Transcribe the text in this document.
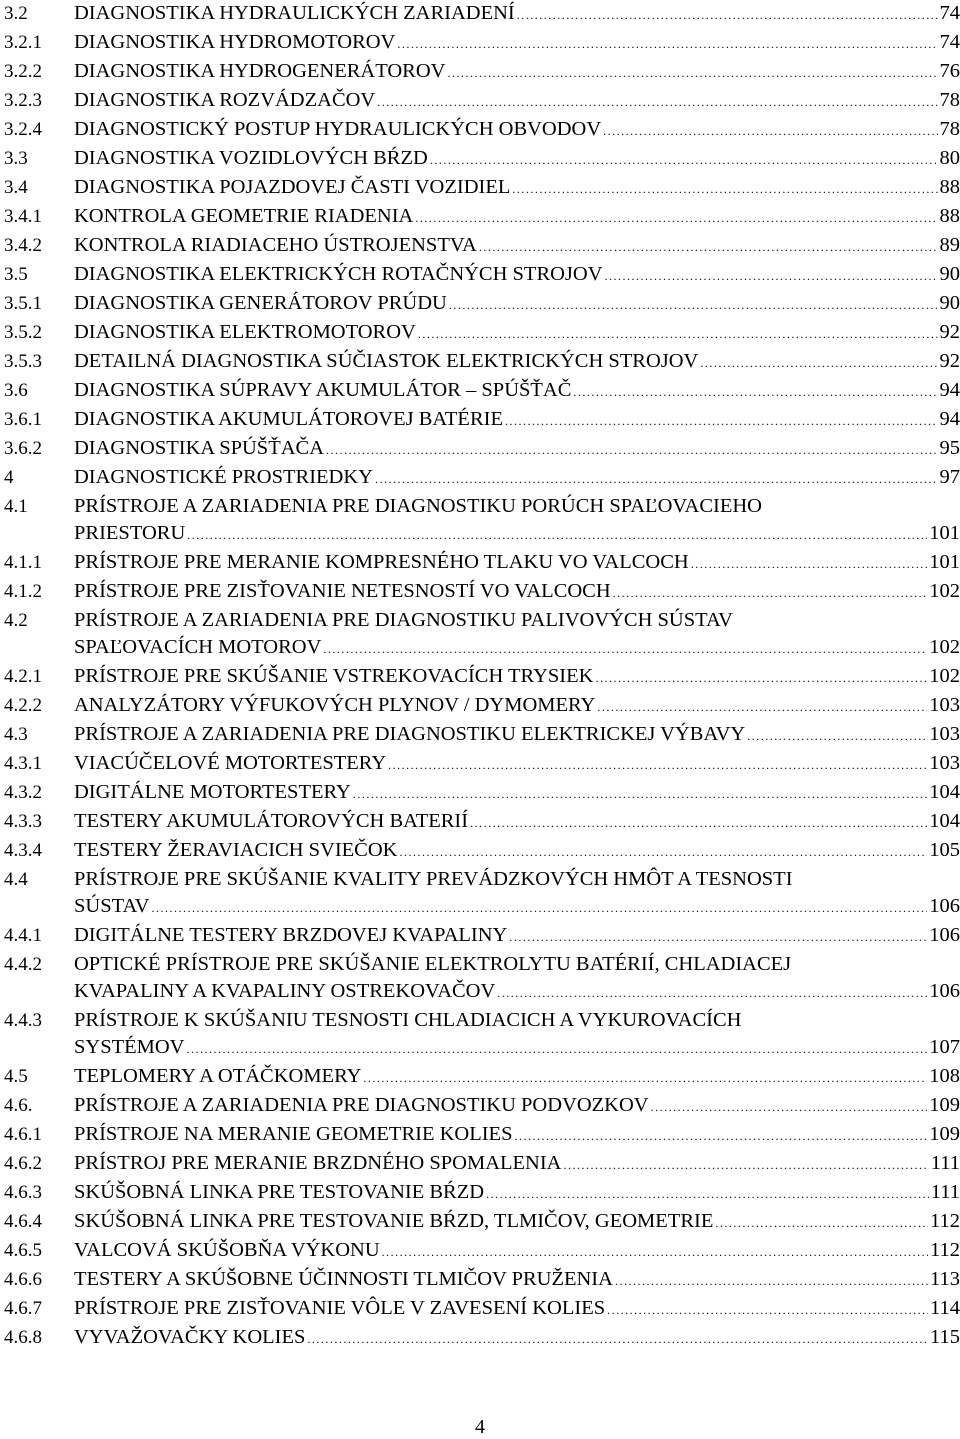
3.2	DIAGNOSTIKA HYDRAULICKÝCH ZARIADENÍ .....	74
3.2.1	DIAGNOSTIKA HYDROMOTOROV .....	74
3.2.2	DIAGNOSTIKA HYDROGENERÁTOROV .....	76
3.2.3	DIAGNOSTIKA ROZVÁDZAČOV .....	78
3.2.4	DIAGNOSTICKÝ POSTUP HYDRAULICKÝCH OBVODOV .....	78
3.3	DIAGNOSTIKA VOZIDLOVÝCH BŔZD .....	80
3.4	DIAGNOSTIKA POJAZDOVEJ ČASTI VOZIDIEL .....	88
3.4.1	KONTROLA GEOMETRIE RIADENIA .....	88
3.4.2	KONTROLA RIADIACEHO ÚSTROJENSTVA .....	89
3.5	DIAGNOSTIKA ELEKTRICKÝCH ROTAČNÝCH STROJOV .....	90
3.5.1	DIAGNOSTIKA GENERÁTOROV PRÚDU .....	90
3.5.2	DIAGNOSTIKA ELEKTROMOTOROV .....	92
3.5.3	DETAILNÁ DIAGNOSTIKA SÚČIASTOK ELEKTRICKÝCH STROJOV .....	92
3.6	DIAGNOSTIKA SÚPRAVY AKUMULÁTOR – SPÚŠŤAČ .....	94
3.6.1	DIAGNOSTIKA AKUMULÁTOROVEJ BATÉRIE .....	94
3.6.2	DIAGNOSTIKA SPÚŠŤAČA .....	95
4	DIAGNOSTICKÉ PROSTRIEDKY .....	97
4.1	PRÍSTROJE A ZARIADENIA PRE DIAGNOSTIKU PORÚCH SPAĽOVACIEHO
PRIESTORU .....	101
4.1.1	PRÍSTROJE PRE MERANIE KOMPRESNÉHO TLAKU VO VALCOCH .....	101
4.1.2	PRÍSTROJE PRE ZISŤOVANIE NETESNOSTÍ VO VALCOCH .....	102
4.2	PRÍSTROJE A ZARIADENIA PRE DIAGNOSTIKU PALIVOVÝCH SÚSTAV
SPAĽOVACÍCH MOTOROV .....	102
4.2.1	PRÍSTROJE PRE SKÚŠANIE VSTREKOVACÍCH TRYSIEK .....	102
4.2.2	ANALYZÁTORY VÝFUKOVÝCH PLYNOV / DYMOMERY .....	103
4.3	PRÍSTROJE A ZARIADENIA PRE DIAGNOSTIKU ELEKTRICKEJ VÝBAVY .....	103
4.3.1	VIACÚČELOVÉ MOTORTESTERY .....	103
4.3.2	DIGITÁLNE MOTORTESTERY .....	104
4.3.3	TESTERY AKUMULÁTOROVÝCH BATERIÍ .....	104
4.3.4	TESTERY ŽERAVIACICH SVIEČOK .....	105
4.4	PRÍSTROJE PRE SKÚŠANIE KVALITY PREVÁDZKOVÝCH HMÔT A TESNOSTI
SÚSTAV .....	106
4.4.1	DIGITÁLNE TESTERY BRZDOVEJ KVAPALINY .....	106
4.4.2	OPTICKÉ PRÍSTROJE PRE SKÚŠANIE ELEKTROLYTU BATÉRIÍ, CHLADIACEJ
KVAPALINY A KVAPALINY OSTREKOVAČOV .....	106
4.4.3	PRÍSTROJE K SKÚŠANIU TESNOSTI CHLADIACICH A VYKUROVACÍCH
SYSTÉMOV .....	107
4.5	TEPLOMERY A OTÁČKOMERY .....	108
4.6.	PRÍSTROJE A ZARIADENIA PRE DIAGNOSTIKU PODVOZKOV .....	109
4.6.1	PRÍSTROJE NA MERANIE GEOMETRIE KOLIES .....	109
4.6.2	PRÍSTROJ PRE MERANIE BRZDNÉHO SPOMALENIA .....	111
4.6.3	SKÚŠOBNÁ LINKA PRE TESTOVANIE BŔZD .....	111
4.6.4	SKÚŠOBNÁ LINKA PRE TESTOVANIE BŔZD, TLMIČOV, GEOMETRIE .....	112
4.6.5	VALCOVÁ SKÚŠOBŇA VÝKONU .....	112
4.6.6	TESTERY A SKÚŠOBNE ÚČINNOSTI TLMIČOV PRUŽENIA .....	113
4.6.7	PRÍSTROJE PRE ZISŤOVANIE VÔLE V ZAVESENÍ KOLIES .....	114
4.6.8	VYVAŽOVAČKY KOLIES .....	115
4
